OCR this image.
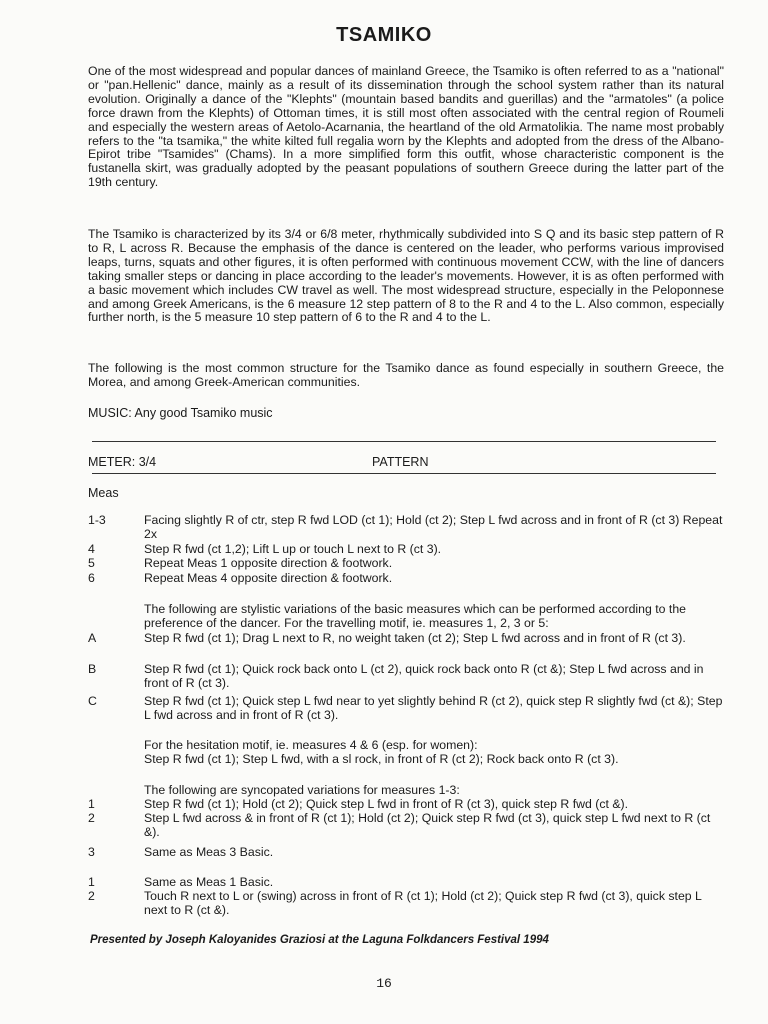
TSAMIKO

One of the most widespread and popular dances of mainland Greece, the Tsamiko is often referred to as a "national" or "pan.Hellenic" dance, mainly as a result of its dissemination through the school system rather than its natural evolution. Originally a dance of the "Klephts" (mountain based bandits and guerillas) and the "armatoles" (a police force drawn from the Klephts) of Ottoman times, it is still most often associated with the central region of Roumeli and especially the western areas of Aetolo-Acarnania, the heartland of the old Armatolikia. The name most probably refers to the "ta tsamika," the white kilted full regalia worn by the Klephts and adopted from the dress of the Albano-Epirot tribe "Tsamides" (Chams). In a more simplified form this outfit, whose characteristic component is the fustanella skirt, was gradually adopted by the peasant populations of southern Greece during the latter part of the 19th century.

The Tsamiko is characterized by its 3/4 or 6/8 meter, rhythmically subdivided into S Q and its basic step pattern of R to R, L across R. Because the emphasis of the dance is centered on the leader, who performs various improvised leaps, turns, squats and other figures, it is often performed with continuous movement CCW, with the line of dancers taking smaller steps or dancing in place according to the leader's movements. However, it is as often performed with a basic movement which includes CW travel as well. The most widespread structure, especially in the Peloponnese and among Greek Americans, is the 6 measure 12 step pattern of 8 to the R and 4 to the L. Also common, especially further north, is the 5 measure 10 step pattern of 6 to the R and 4 to the L.

The following is the most common structure for the Tsamiko dance as found especially in southern Greece, the Morea, and among Greek-American communities.

MUSIC: Any good Tsamiko music
METER: 3/4	PATTERN
Meas
1-3	Facing slightly R of ctr, step R fwd LOD (ct 1); Hold (ct 2); Step L fwd across and in front of R (ct 3) Repeat 2x
4	Step R fwd (ct 1,2); Lift L up or touch L next to R (ct 3).
5	Repeat Meas 1 opposite direction & footwork.
6	Repeat Meas 4 opposite direction & footwork.

The following are stylistic variations of the basic measures which can be performed according to the preference of the dancer. For the travelling motif, ie. measures 1, 2, 3 or 5:

A	Step R fwd (ct 1); Drag L next to R, no weight taken (ct 2); Step L fwd across and in front of R (ct 3).
B	Step R fwd (ct 1); Quick rock back onto L (ct 2), quick rock back onto R (ct &); Step L fwd across and in front of R (ct 3).
C	Step R fwd (ct 1); Quick step L fwd near to yet slightly behind R (ct 2), quick step R slightly fwd (ct &); Step L fwd across and in front of R (ct 3).

For the hesitation motif, ie. measures 4 & 6 (esp. for women):

Step R fwd (ct 1); Step L fwd, with a sl rock, in front of R (ct 2); Rock back onto R (ct 3).

The following are syncopated variations for measures 1-3:

1	Step R fwd (ct 1); Hold (ct 2); Quick step L fwd in front of R (ct 3), quick step R fwd (ct &).
2	Step L fwd across & in front of R (ct 1); Hold (ct 2); Quick step R fwd (ct 3), quick step L fwd next to R (ct &).
3	Same as Meas 3 Basic.
1	Same as Meas 1 Basic.
2	Touch R next to L or (swing) across in front of R (ct 1); Hold (ct 2); Quick step R fwd (ct 3), quick step L next to R (ct &).
Presented by Joseph Kaloyanides Graziosi at the Laguna Folkdancers Festival 1994
16
